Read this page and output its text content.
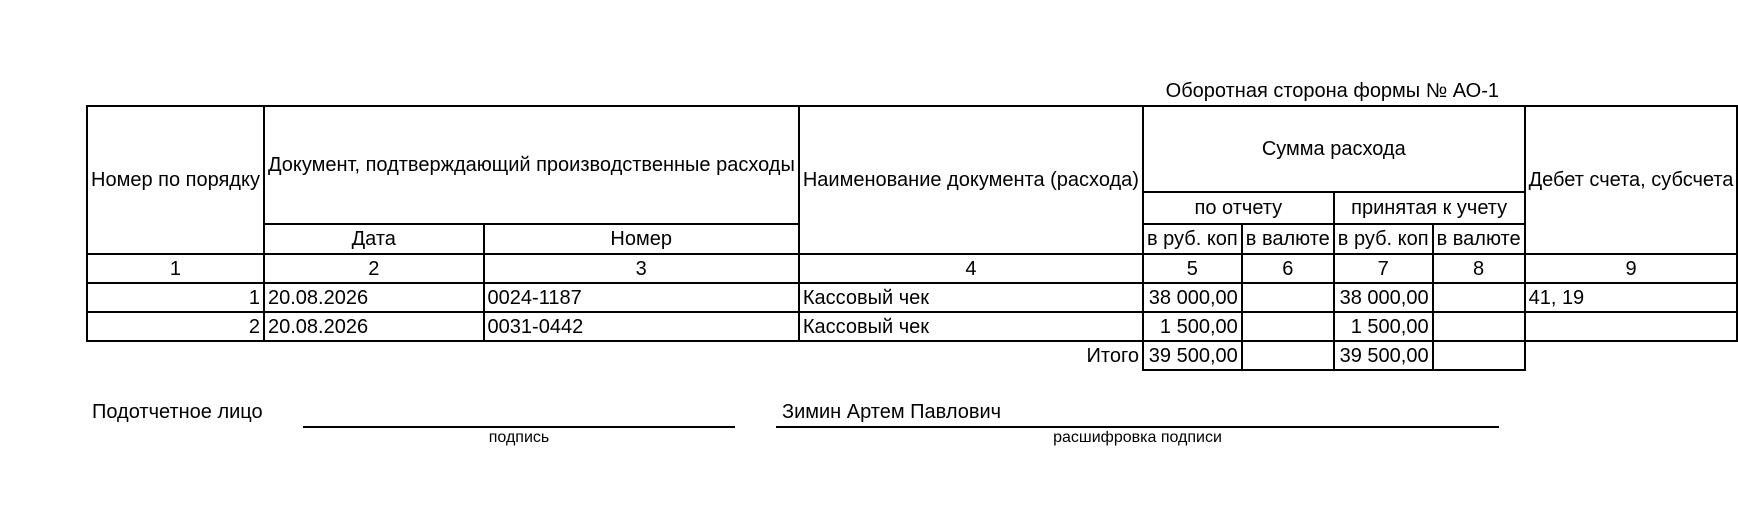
Оборотная сторона формы № АО-1
Номер по порядку	Документ, подтверждающий производственные расходы		Наименование документа (расхода)	Сумма расхода				Дебет счета, субсчета
				по отчету		принятая к учету		
	Дата	Номер		в руб. коп	в валюте	в руб. коп	в валюте	
1	2	3	4	5	6	7	8	9
1	20.08.2026	0024-1187	Кассовый чек	38 000,00		38 000,00		41, 19
2	20.08.2026	0031-0442	Кассовый чек	1 500,00		1 500,00		
Итого				39 500,00		39 500,00		
Подотчетное лицо
подпись
Зимин Артем Павлович
расшифровка подписи
